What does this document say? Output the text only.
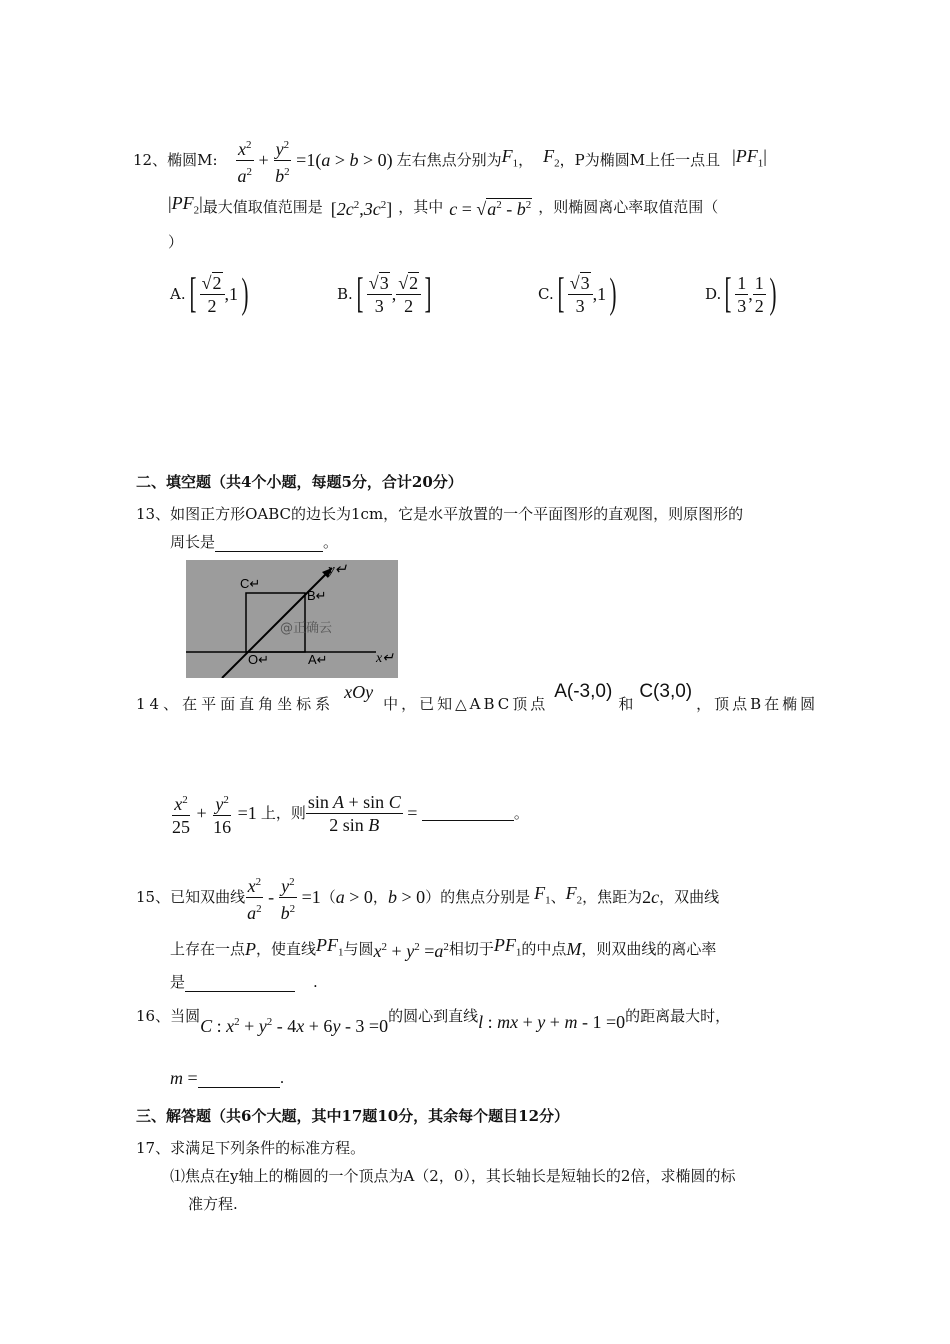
12、 椭圆M: $\frac{x^2}{a^2} + \frac{y^2}{b^2} =1$( a > b > 0) 左右焦点分别为 $F_1$ ， $F_2$ ，P为椭圆M上任一点且 $|PF_1|$
$|PF_2|$ 最大值取值范围是 $[2c^2,3c^2]$ ，其中 $c = √a^2 - b^2$ ，则椭圆离心率取值范围（
）
A. [ $\frac{√2}{2} ,1$ )	B. [ $\frac{√3}{3}$ , $\frac{√2}{2}$ ]	C. [ $\frac{√3}{3} ,1$ )	D. [ $\frac{1}{3}$ , $\frac{1}{2}$ )
二、填空题（共4个小题，每题5分，合计20分）
13、如图正方形OABC的边长为1cm，它是水平放置的一个平面图形的直观图，则原图形的
周长是	。
C↵
B↵
O↵	A↵	x↵
y↵
@正确云
14、在平面直角坐标系
xOy
中，已知△ABC顶点
A(-3,0)
和
C(3,0)
，顶点B在椭圆
$\frac{x^2}{25} + \frac{y^2}{16} =1$ 上，则 $\frac{\text{sin A + sin C}}{\text{2 sin B}}$ =	。
15、已知双曲线 $\frac{x^2}{a^2} - \frac{y^2}{b^2} =1$ （ a > 0 ， b > 0 ）的焦点分别是 $F_1$ 、 $F_2$ ，焦距为 2c ，双曲线
上存在一点 P ，使直线 $PF_1$ 与圆 $x^2 + y^2 =a^2$ 相切于 $PF_1$ 的中点 M ，则双曲线的离心率
是	.
16、当圆 C : $x^2 + y^2 - 4x + 6y - 3 =0$ 的圆心到直线 l : mx + y + m - 1 =0 的距离最大时，
m =	.
三、解答题（共6个大题，其中17题10分，其余每个题目12分）
17、求满足下列条件的标准方程。
⑴焦点在y轴上的椭圆的一个顶点为A（2，0），其长轴长是短轴长的2倍，求椭圆的标
准方程.
